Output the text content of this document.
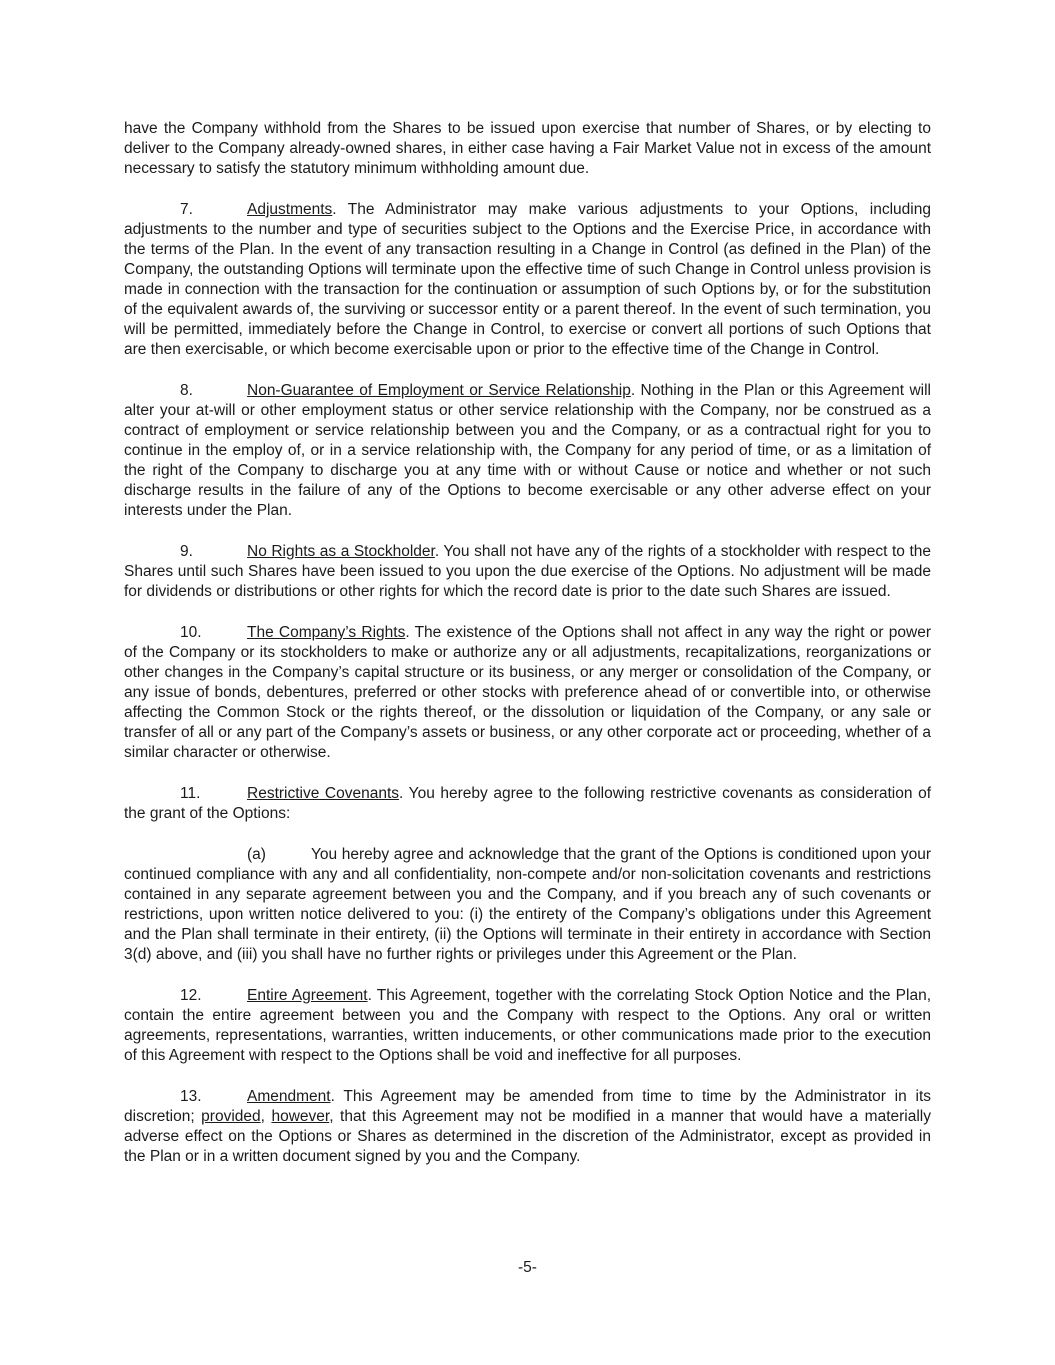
have the Company withhold from the Shares to be issued upon exercise that number of Shares, or by electing to deliver to the Company already-owned shares, in either case having a Fair Market Value not in excess of the amount necessary to satisfy the statutory minimum withholding amount due.

7.	Adjustments. The Administrator may make various adjustments to your Options, including adjustments to the number and type of securities subject to the Options and the Exercise Price, in accordance with the terms of the Plan. In the event of any transaction resulting in a Change in Control (as defined in the Plan) of the Company, the outstanding Options will terminate upon the effective time of such Change in Control unless provision is made in connection with the transaction for the continuation or assumption of such Options by, or for the substitution of the equivalent awards of, the surviving or successor entity or a parent thereof. In the event of such termination, you will be permitted, immediately before the Change in Control, to exercise or convert all portions of such Options that are then exercisable, or which become exercisable upon or prior to the effective time of the Change in Control.

8.	Non-Guarantee of Employment or Service Relationship. Nothing in the Plan or this Agreement will alter your at-will or other employment status or other service relationship with the Company, nor be construed as a contract of employment or service relationship between you and the Company, or as a contractual right for you to continue in the employ of, or in a service relationship with, the Company for any period of time, or as a limitation of the right of the Company to discharge you at any time with or without Cause or notice and whether or not such discharge results in the failure of any of the Options to become exercisable or any other adverse effect on your interests under the Plan.

9.	No Rights as a Stockholder. You shall not have any of the rights of a stockholder with respect to the Shares until such Shares have been issued to you upon the due exercise of the Options. No adjustment will be made for dividends or distributions or other rights for which the record date is prior to the date such Shares are issued.

10.	The Company’s Rights. The existence of the Options shall not affect in any way the right or power of the Company or its stockholders to make or authorize any or all adjustments, recapitalizations, reorganizations or other changes in the Company’s capital structure or its business, or any merger or consolidation of the Company, or any issue of bonds, debentures, preferred or other stocks with preference ahead of or convertible into, or otherwise affecting the Common Stock or the rights thereof, or the dissolution or liquidation of the Company, or any sale or transfer of all or any part of the Company’s assets or business, or any other corporate act or proceeding, whether of a similar character or otherwise.

11.	Restrictive Covenants. You hereby agree to the following restrictive covenants as consideration of the grant of the Options:

(a)	You hereby agree and acknowledge that the grant of the Options is conditioned upon your continued compliance with any and all confidentiality, non-compete and/or non-solicitation covenants and restrictions contained in any separate agreement between you and the Company, and if you breach any of such covenants or restrictions, upon written notice delivered to you: (i) the entirety of the Company’s obligations under this Agreement and the Plan shall terminate in their entirety, (ii) the Options will terminate in their entirety in accordance with Section 3(d) above, and (iii) you shall have no further rights or privileges under this Agreement or the Plan.

12.	Entire Agreement. This Agreement, together with the correlating Stock Option Notice and the Plan, contain the entire agreement between you and the Company with respect to the Options. Any oral or written agreements, representations, warranties, written inducements, or other communications made prior to the execution of this Agreement with respect to the Options shall be void and ineffective for all purposes.

13.	Amendment. This Agreement may be amended from time to time by the Administrator in its discretion; provided, however, that this Agreement may not be modified in a manner that would have a materially adverse effect on the Options or Shares as determined in the discretion of the Administrator, except as provided in the Plan or in a written document signed by you and the Company.

-5-
